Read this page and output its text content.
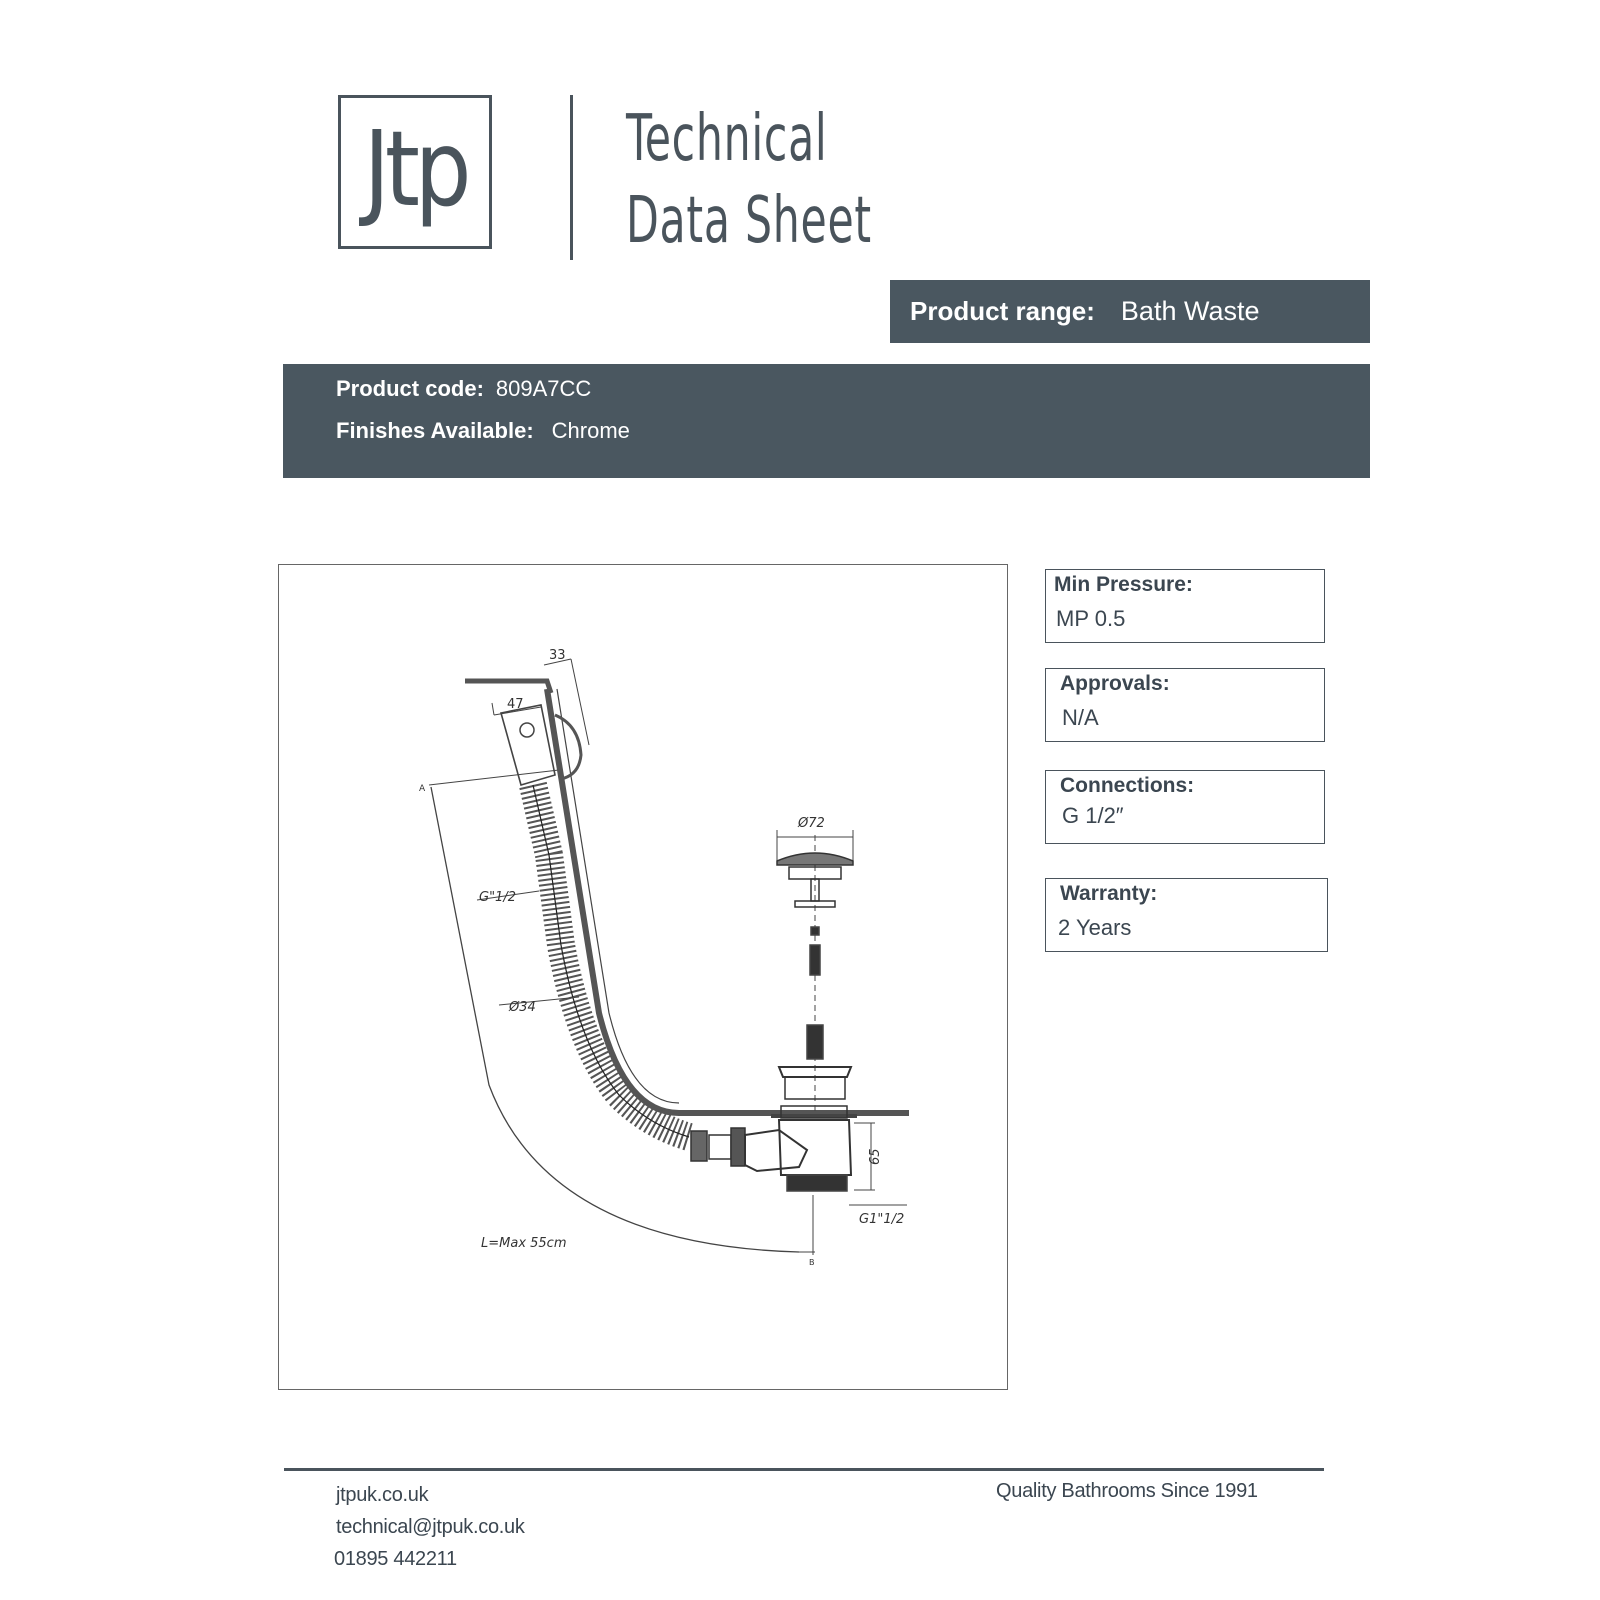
Jtp Technical
Data Sheet
Product range: Bath Waste
Product code: 809A7CC
Finishes Available: Chrome
33
47
A
G"1/2
Ø34
Ø72
65
G1"1/2
L=Max 55cm
B
Min Pressure:
MP 0.5
Approvals:
N/A
Connections:
G 1/2″
Warranty:
2 Years
jtpuk.co.uk
technical@jtpuk.co.uk
01895 442211
Quality Bathrooms Since 1991
